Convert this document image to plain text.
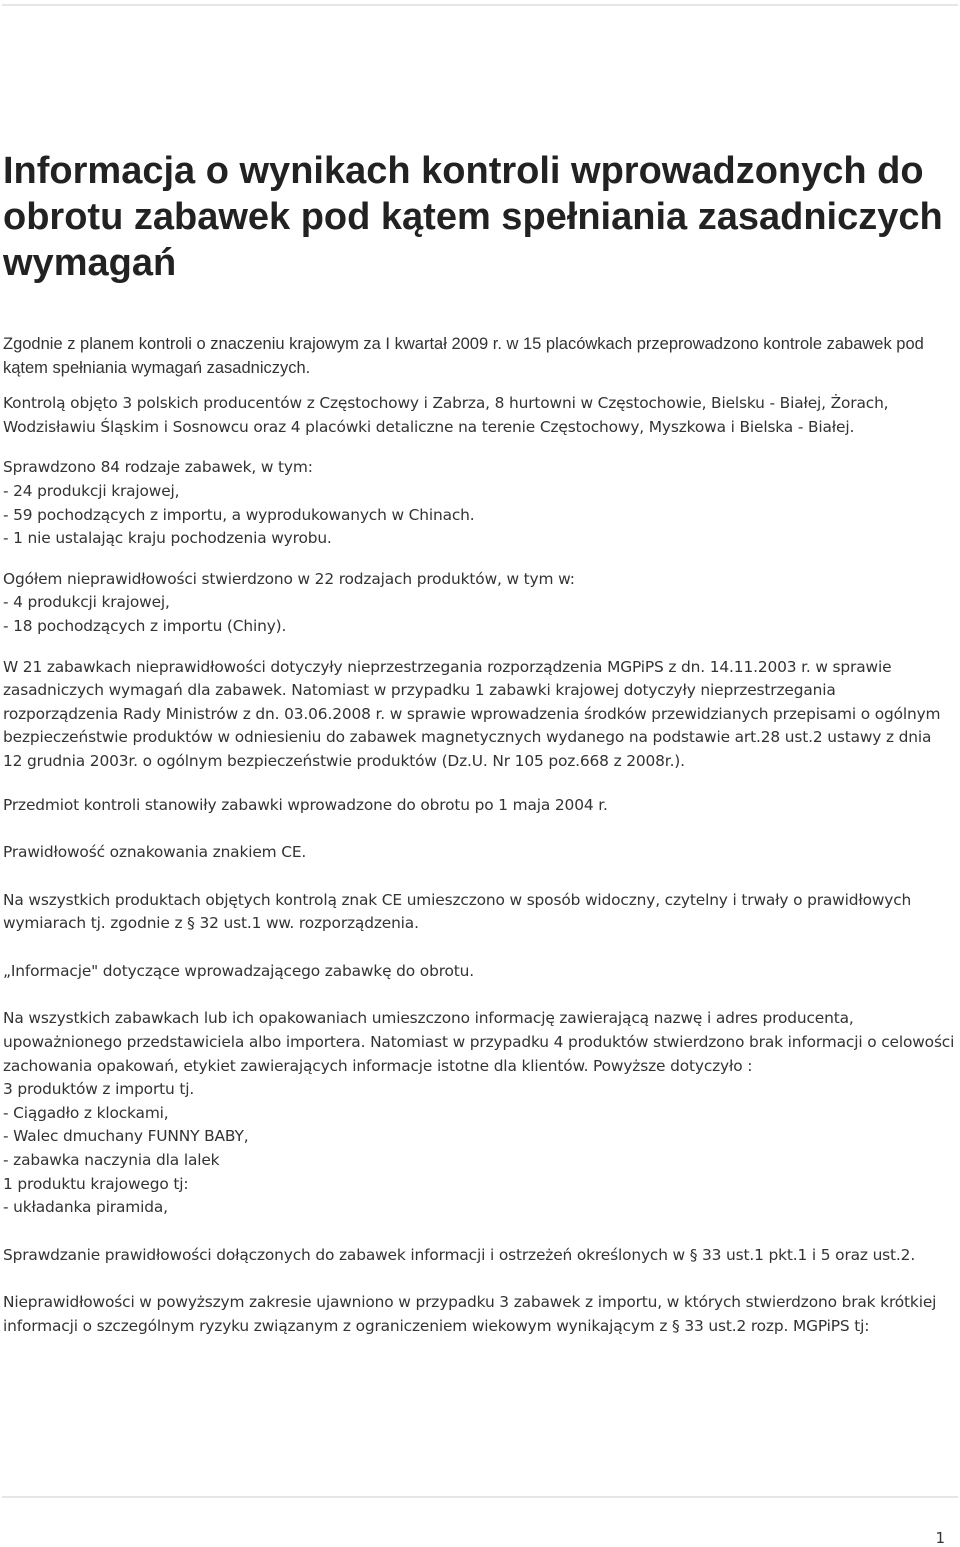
Informacja o wynikach kontroli wprowadzonych do obrotu zabawek pod kątem spełniania zasadniczych wymagań

Zgodnie z planem kontroli o znaczeniu krajowym za I kwartał 2009 r. w 15 placówkach przeprowadzono kontrole zabawek pod kątem spełniania wymagań zasadniczych.

Kontrolą objęto 3 polskich producentów z Częstochowy i Zabrza, 8 hurtowni w Częstochowie, Bielsku - Białej, Żorach, Wodzisławiu Śląskim i Sosnowcu oraz 4 placówki detaliczne na terenie Częstochowy, Myszkowa i Bielska - Białej.

Sprawdzono 84 rodzaje zabawek, w tym:
- 24 produkcji krajowej,
- 59 pochodzących z importu, a wyprodukowanych w Chinach.
- 1 nie ustalając kraju pochodzenia wyrobu.

Ogółem nieprawidłowości stwierdzono w 22 rodzajach produktów, w tym w:
- 4 produkcji krajowej,
- 18 pochodzących z importu (Chiny).

W 21 zabawkach nieprawidłowości dotyczyły nieprzestrzegania rozporządzenia MGPiPS z dn. 14.11.2003 r. w sprawie zasadniczych wymagań dla zabawek. Natomiast w przypadku 1 zabawki krajowej dotyczyły nieprzestrzegania rozporządzenia Rady Ministrów z dn. 03.06.2008 r. w sprawie wprowadzenia środków przewidzianych przepisami o ogólnym bezpieczeństwie produktów w odniesieniu do zabawek magnetycznych wydanego na podstawie art.28 ust.2 ustawy z dnia 12 grudnia 2003r. o ogólnym bezpieczeństwie produktów (Dz.U. Nr 105 poz.668 z 2008r.).

Przedmiot kontroli stanowiły zabawki wprowadzone do obrotu po 1 maja 2004 r.

Prawidłowość oznakowania znakiem CE.

Na wszystkich produktach objętych kontrolą znak CE umieszczono w sposób widoczny, czytelny i trwały o prawidłowych wymiarach tj. zgodnie z § 32 ust.1 ww. rozporządzenia.

„Informacje" dotyczące wprowadzającego zabawkę do obrotu.

Na wszystkich zabawkach lub ich opakowaniach umieszczono informację zawierającą nazwę i adres producenta, upoważnionego przedstawiciela albo importera. Natomiast w przypadku 4 produktów stwierdzono brak informacji o celowości zachowania opakowań, etykiet zawierających informacje istotne dla klientów. Powyższe dotyczyło :

3 produktów z importu tj.
- Ciągadło z klockami,
- Walec dmuchany FUNNY BABY,
- zabawka naczynia dla lalek
1 produktu krajowego tj:
- układanka piramida,

Sprawdzanie prawidłowości dołączonych do zabawek informacji i ostrzeżeń określonych w § 33 ust.1 pkt.1 i 5 oraz ust.2.

Nieprawidłowości w powyższym zakresie ujawniono w przypadku 3 zabawek z importu, w których stwierdzono brak krótkiej informacji o szczególnym ryzyku związanym z ograniczeniem wiekowym wynikającym z § 33 ust.2 rozp. MGPiPS tj:

1
